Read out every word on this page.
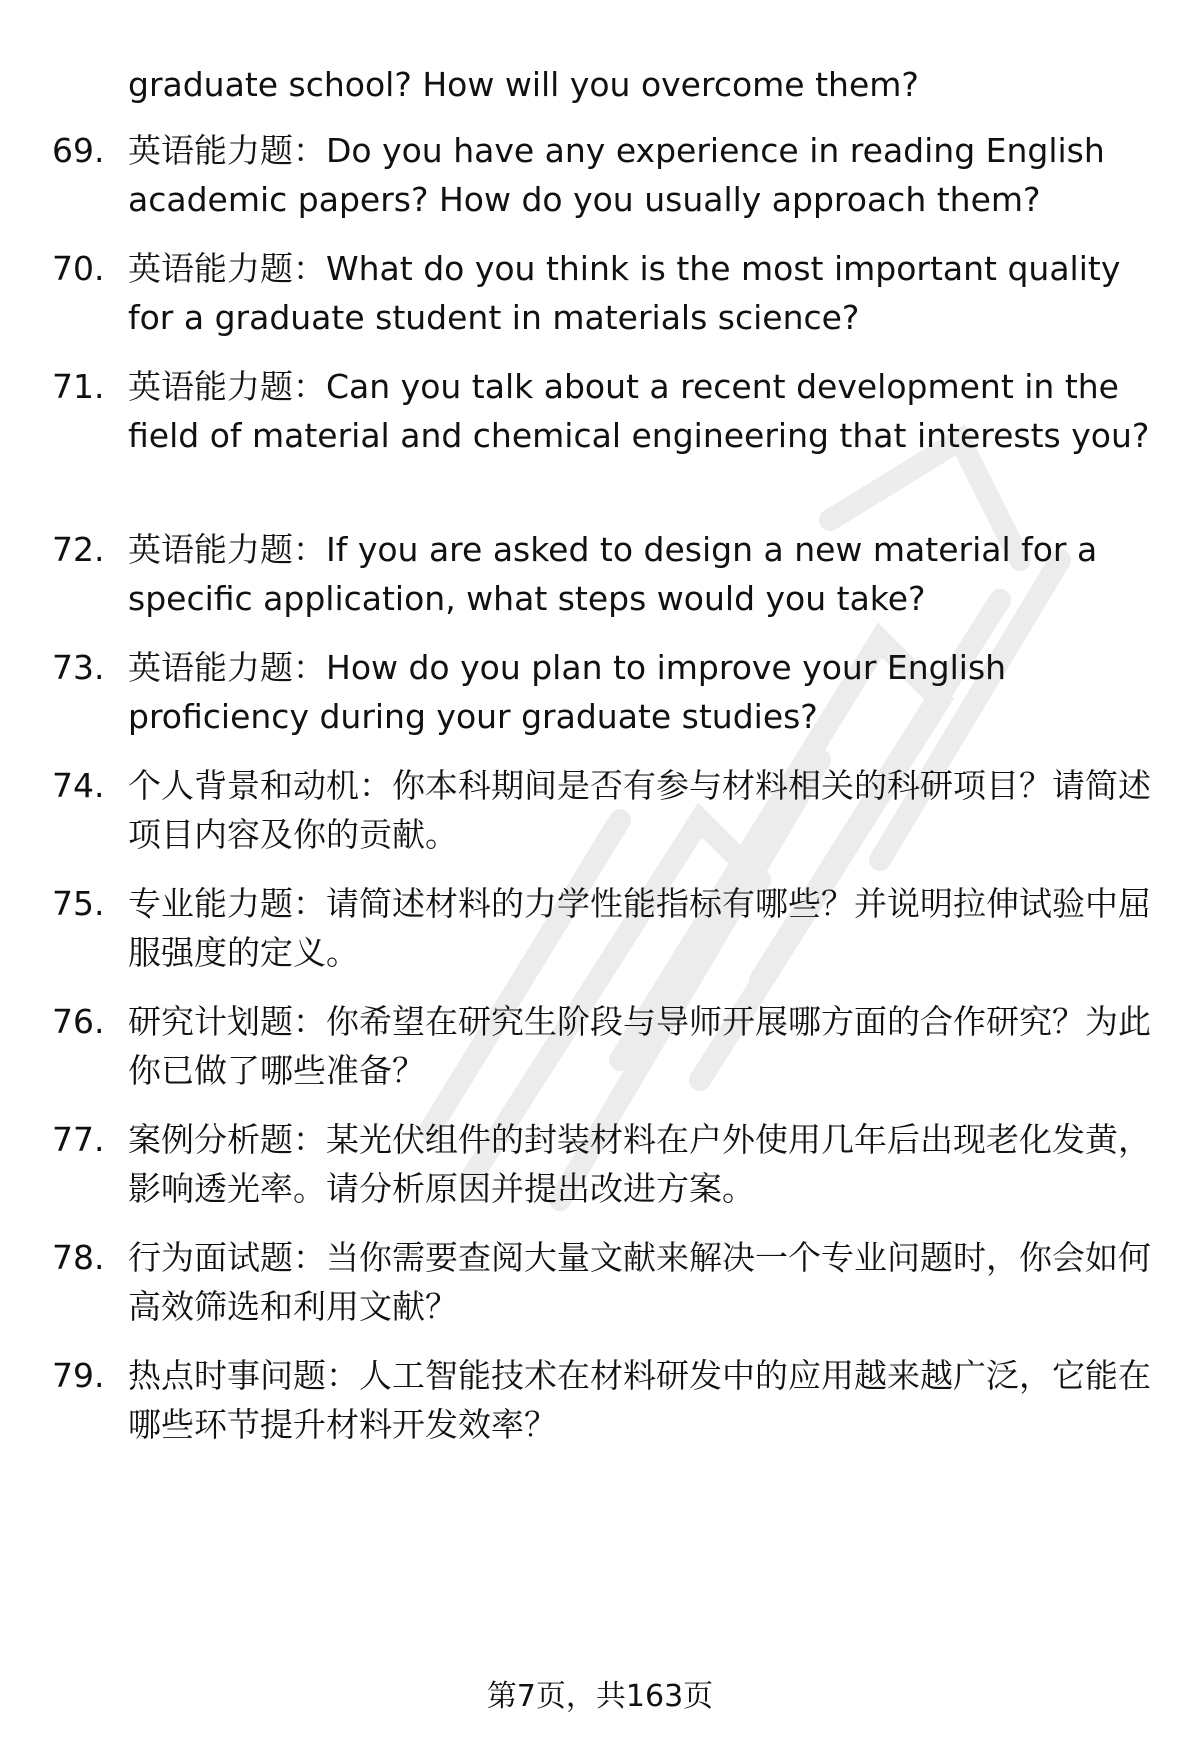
graduate school? How will you overcome them?

69. 英语能力题：Do you have any experience in reading English academic papers? How do you usually approach them?
70. 英语能力题：What do you think is the most important quality for a graduate student in materials science?
71. 英语能力题：Can you talk about a recent development in the field of material and chemical engineering that interests you?
72. 英语能力题：If you are asked to design a new material for a specific application, what steps would you take?
73. 英语能力题：How do you plan to improve your English proficiency during your graduate studies?
74. 个人背景和动机：你本科期间是否有参与材料相关的科研项目？请简述项目内容及你的贡献。
75. 专业能力题：请简述材料的力学性能指标有哪些？并说明拉伸试验中屈服强度的定义。
76. 研究计划题：你希望在研究生阶段与导师开展哪方面的合作研究？为此你已做了哪些准备？
77. 案例分析题：某光伏组件的封装材料在户外使用几年后出现老化发黄，影响透光率。请分析原因并提出改进方案。
78. 行为面试题：当你需要查阅大量文献来解决一个专业问题时，你会如何高效筛选和利用文献？
79. 热点时事问题：人工智能技术在材料研发中的应用越来越广泛，它能在哪些环节提升材料开发效率？
第7页，共163页
